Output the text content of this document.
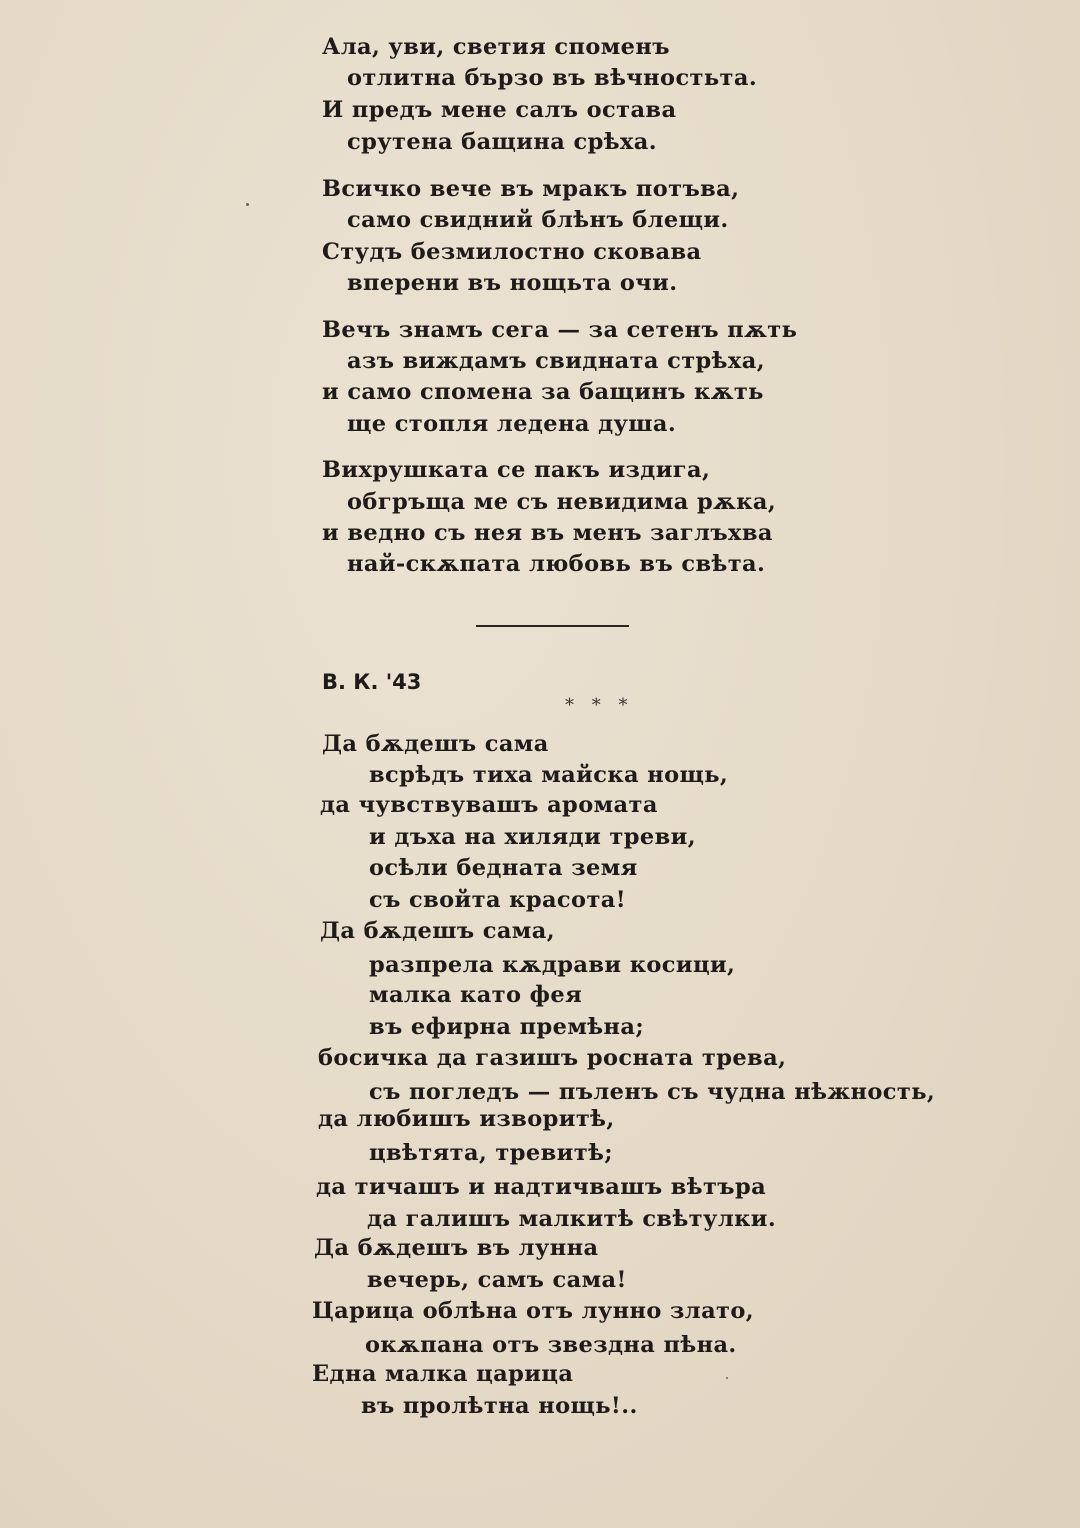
Ала, уви, светия споменъ
отлитна бързо въ вѣчностьта.
И предъ мене салъ остава
срутена бащина срѣха.
Всичко вече въ мракъ потъва,
само свидний блѣнъ блещи.
Студъ безмилостно сковава
вперени въ нощьта очи.
Вечъ знамъ сега — за сетенъ пѫть
азъ виждамъ свидната стрѣха,
и само спомена за бащинъ кѫть
ще стопля ледена душа.
Вихрушката се пакъ издига,
обгръща ме съ невидима рѫка,
и ведно съ нея въ менъ заглъхва
най-скѫпата любовь въ свѣта.
В. К. '43
* * *
Да бѫдешъ сама
всрѣдъ тиха майска нощь,
да чувствувашъ аромата
и дъха на хиляди треви,
осѣли бедната земя
съ свойта красота!
Да бѫдешъ сама,
разпрела кѫдрави косици,
малка като фея
въ ефирна премѣна;
босичка да газишъ росната трева,
съ погледъ — пъленъ съ чудна нѣжность,
да любишъ изворитѣ,
цвѣтята, тревитѣ;
да тичашъ и надтичвашъ вѣтъра
да галишъ малкитѣ свѣтулки.
Да бѫдешъ въ лунна
вечерь, самъ сама!
Царица облѣна отъ лунно злато,
окѫпана отъ звездна пѣна.
Една малка царица
въ пролѣтна нощь!..
